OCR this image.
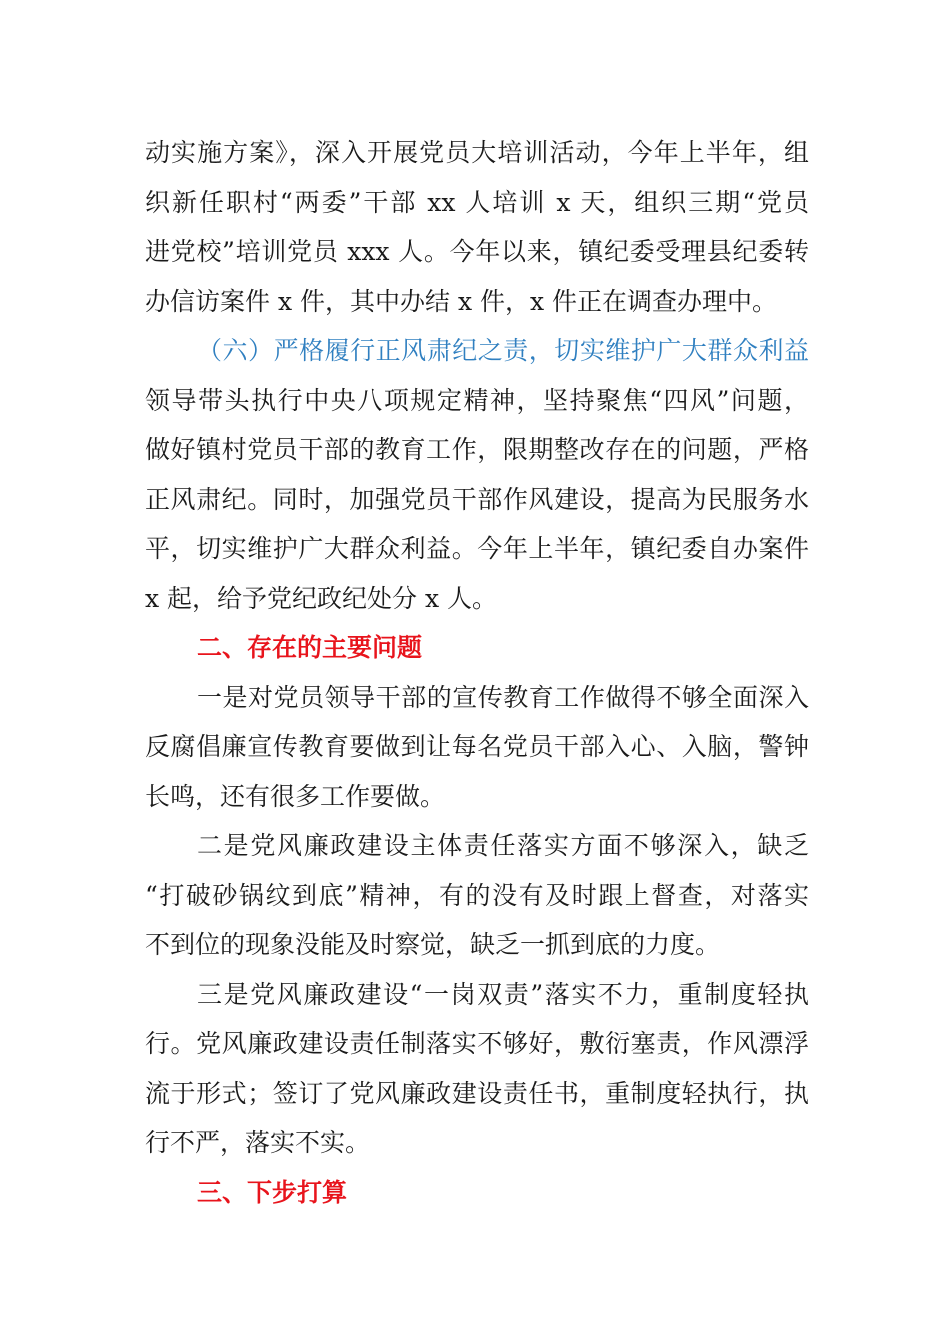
动实施方案》，深入开展党员大培训活动，今年上半年，组
织新任职村“两委”干部 xx 人培训 x 天，组织三期“党员
进党校”培训党员 xxx 人。今年以来，镇纪委受理县纪委转
办信访案件 x 件，其中办结 x 件，x 件正在调查办理中。
（六）严格履行正风肃纪之责，切实维护广大群众利益
领导带头执行中央八项规定精神，坚持聚焦“四风”问题，
做好镇村党员干部的教育工作，限期整改存在的问题，严格
正风肃纪。同时，加强党员干部作风建设，提高为民服务水
平，切实维护广大群众利益。今年上半年，镇纪委自办案件
x 起，给予党纪政纪处分 x 人。
二、存在的主要问题
一是对党员领导干部的宣传教育工作做得不够全面深入
反腐倡廉宣传教育要做到让每名党员干部入心、入脑，警钟
长鸣，还有很多工作要做。
二是党风廉政建设主体责任落实方面不够深入，缺乏
“打破砂锅纹到底”精神，有的没有及时跟上督查，对落实
不到位的现象没能及时察觉，缺乏一抓到底的力度。
三是党风廉政建设“一岗双责”落实不力，重制度轻执
行。党风廉政建设责任制落实不够好，敷衍塞责，作风漂浮
流于形式；签订了党风廉政建设责任书，重制度轻执行，执
行不严，落实不实。
三、下步打算
